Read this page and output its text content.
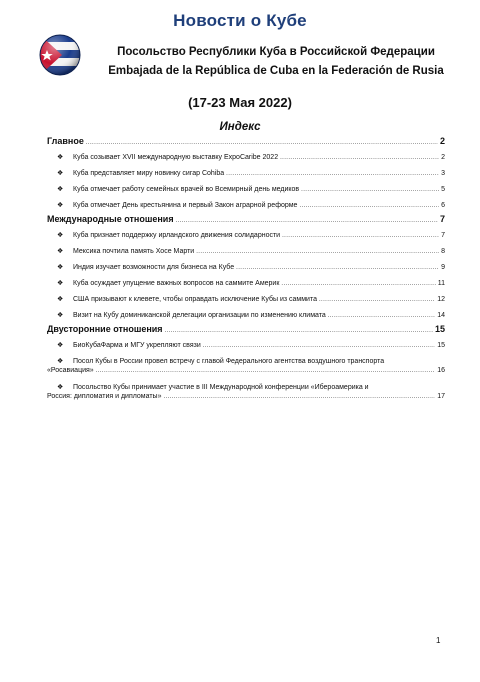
Новости о Кубе
Посольство Республики Куба в Российской Федерации
Embajada de la República de Cuba en la Federación de Rusia
(17-23 Мая 2022)
Индекс
Главное .....	2
❖	Куба созывает XVII международную выставку ExpoCaribe 2022 .....	2
❖	Куба представляет миру новинку сигар Cohiba .....	3
❖	Куба отмечает работу семейных врачей во Всемирный день медиков .....	5
❖	Куба отмечает День крестьянина и первый Закон аграрной реформе .....	6
Международные отношения .....	7
❖	Куба признает поддержку ирландского движения солидарности .....	7
❖	Мексика почтила память Хосе Марти .....	8
❖	Индия изучает возможности для бизнеса на Кубе .....	9
❖	Куба осуждает упущение важных вопросов на саммите Америк .....	11
❖	США призывают к клевете, чтобы оправдать исключение Кубы из саммита .....	12
❖	Визит на Кубу доминиканской делегации организации по изменению климата .....	14
Двусторонние отношения .....	15
❖	БиоКубаФарма и МГУ укрепляют связи .....	15
❖	Посол Кубы в России провел встречу с главой Федерального агентства воздушного транспорта
«Росавиация» .....	16
❖	Посольство Кубы принимает участие в III Международной конференции «Ибероамерика и
Россия: дипломатия и дипломаты» .....	17
1
